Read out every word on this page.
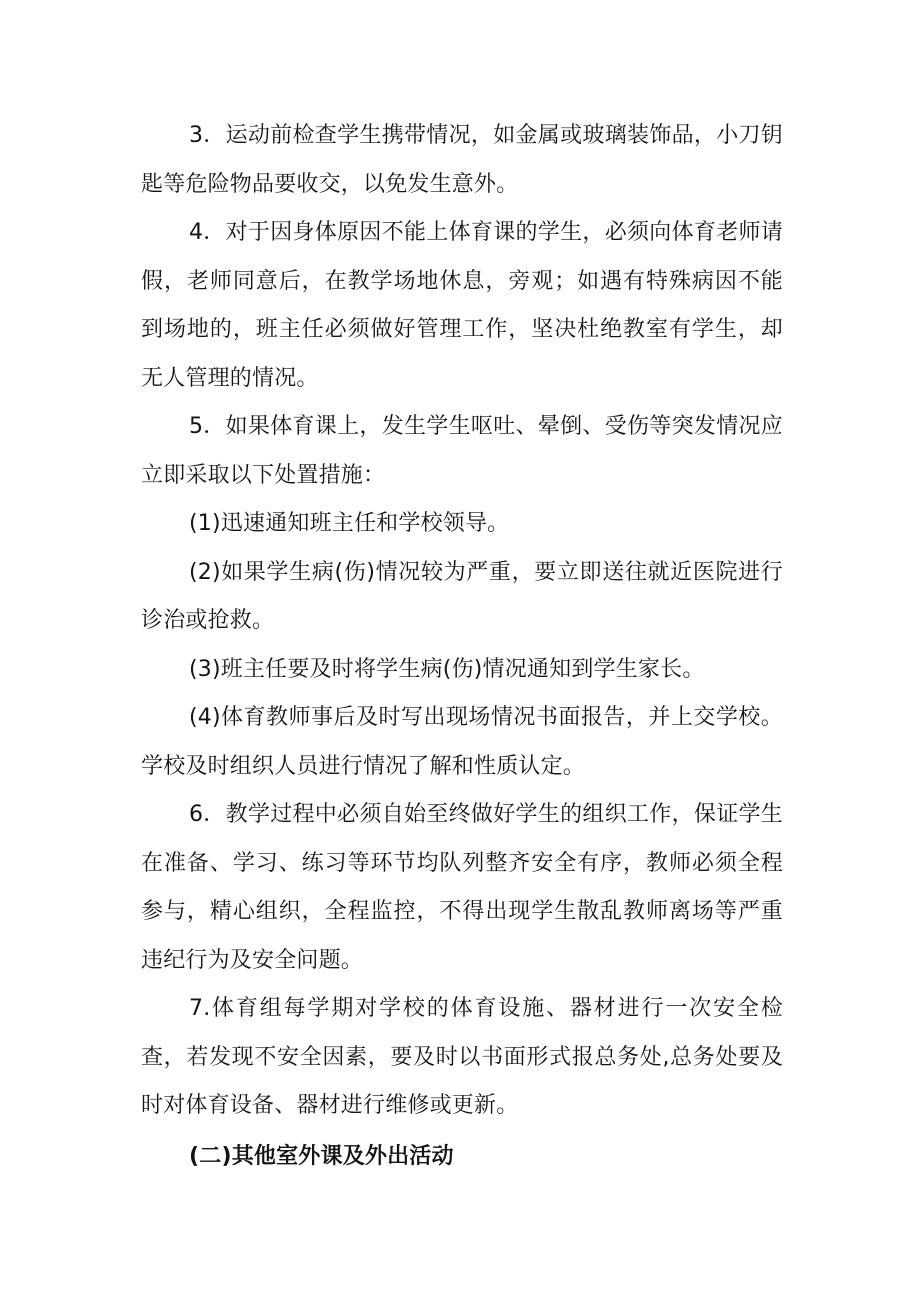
3．运动前检查学生携带情况，如金属或玻璃装饰品，小刀钥匙等危险物品要收交，以免发生意外。

4．对于因身体原因不能上体育课的学生，必须向体育老师请假，老师同意后，在教学场地休息，旁观；如遇有特殊病因不能到场地的，班主任必须做好管理工作，坚决杜绝教室有学生，却无人管理的情况。

5．如果体育课上，发生学生呕吐、晕倒、受伤等突发情况应立即采取以下处置措施：

(1)迅速通知班主任和学校领导。

(2)如果学生病(伤)情况较为严重，要立即送往就近医院进行诊治或抢救。

(3)班主任要及时将学生病(伤)情况通知到学生家长。

(4)体育教师事后及时写出现场情况书面报告，并上交学校。学校及时组织人员进行情况了解和性质认定。

6．教学过程中必须自始至终做好学生的组织工作，保证学生在准备、学习、练习等环节均队列整齐安全有序，教师必须全程参与，精心组织，全程监控，不得出现学生散乱教师离场等严重违纪行为及安全问题。

7.体育组每学期对学校的体育设施、器材进行一次安全检查，若发现不安全因素，要及时以书面形式报总务处,总务处要及时对体育设备、器材进行维修或更新。

(二)其他室外课及外出活动
